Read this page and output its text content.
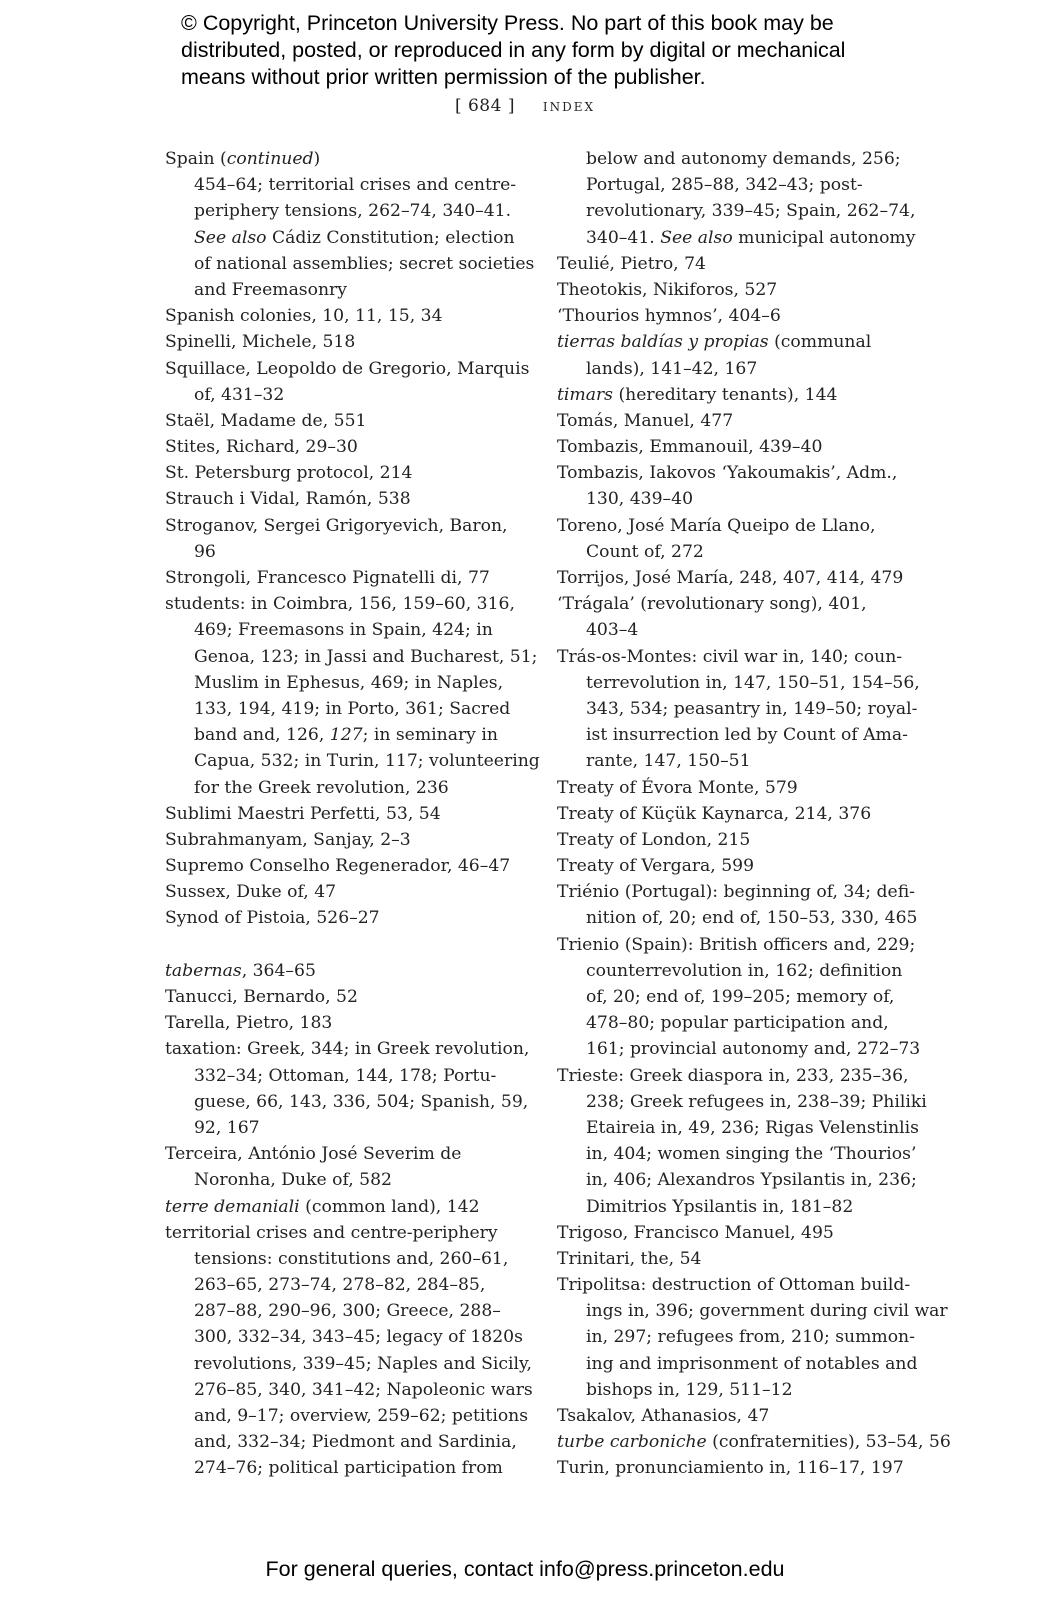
© Copyright, Princeton University Press. No part of this book may be
distributed, posted, or reproduced in any form by digital or mechanical
means without prior written permission of the publisher.
[ 684 ] index
Spain (continued)
454–64; territorial crises and centre-
periphery tensions, 262–74, 340–41.
See also Cádiz Constitution; election
of national assemblies; secret societies
and Freemasonry
Spanish colonies, 10, 11, 15, 34
Spinelli, Michele, 518
Squillace, Leopoldo de Gregorio, Marquis
of, 431–32
Staël, Madame de, 551
Stites, Richard, 29–30
St. Petersburg protocol, 214
Strauch i Vidal, Ramón, 538
Stroganov, Sergei Grigoryevich, Baron,
96
Strongoli, Francesco Pignatelli di, 77
students: in Coimbra, 156, 159–60, 316,
469; Freemasons in Spain, 424; in
Genoa, 123; in Jassi and Bucharest, 51;
Muslim in Ephesus, 469; in Naples,
133, 194, 419; in Porto, 361; Sacred
band and, 126, 127; in seminary in
Capua, 532; in Turin, 117; volunteering
for the Greek revolution, 236
Sublimi Maestri Perfetti, 53, 54
Subrahmanyam, Sanjay, 2–3
Supremo Conselho Regenerador, 46–47
Sussex, Duke of, 47
Synod of Pistoia, 526–27
tabernas, 364–65
Tanucci, Bernardo, 52
Tarella, Pietro, 183
taxation: Greek, 344; in Greek revolution,
332–34; Ottoman, 144, 178; Portu-
guese, 66, 143, 336, 504; Spanish, 59,
92, 167
Terceira, António José Severim de
Noronha, Duke of, 582
terre demaniali (common land), 142
territorial crises and centre-periphery
tensions: constitutions and, 260–61,
263–65, 273–74, 278–82, 284–85,
287–88, 290–96, 300; Greece, 288–
300, 332–34, 343–45; legacy of 1820s
revolutions, 339–45; Naples and Sicily,
276–85, 340, 341–42; Napoleonic wars
and, 9–17; overview, 259–62; petitions
and, 332–34; Piedmont and Sardinia,
274–76; political participation from
below and autonomy demands, 256;
Portugal, 285–88, 342–43; post-
revolutionary, 339–45; Spain, 262–74,
340–41. See also municipal autonomy
Teulié, Pietro, 74
Theotokis, Nikiforos, 527
‘Thourios hymnos’, 404–6
tierras baldías y propias (communal
lands), 141–42, 167
timars (hereditary tenants), 144
Tomás, Manuel, 477
Tombazis, Emmanouil, 439–40
Tombazis, Iakovos ‘Yakoumakis’, Adm.,
130, 439–40
Toreno, José María Queipo de Llano,
Count of, 272
Torrijos, José María, 248, 407, 414, 479
‘Trágala’ (revolutionary song), 401,
403–4
Trás-os-Montes: civil war in, 140; coun-
terrevolution in, 147, 150–51, 154–56,
343, 534; peasantry in, 149–50; royal-
ist insurrection led by Count of Ama-
rante, 147, 150–51
Treaty of Évora Monte, 579
Treaty of Küçük Kaynarca, 214, 376
Treaty of London, 215
Treaty of Vergara, 599
Triénio (Portugal): beginning of, 34; defi-
nition of, 20; end of, 150–53, 330, 465
Trienio (Spain): British officers and, 229;
counterrevolution in, 162; definition
of, 20; end of, 199–205; memory of,
478–80; popular participation and,
161; provincial autonomy and, 272–73
Trieste: Greek diaspora in, 233, 235–36,
238; Greek refugees in, 238–39; Philiki
Etaireia in, 49, 236; Rigas Velenstinlis
in, 404; women singing the ‘Thourios’
in, 406; Alexandros Ypsilantis in, 236;
Dimitrios Ypsilantis in, 181–82
Trigoso, Francisco Manuel, 495
Trinitari, the, 54
Tripolitsa: destruction of Ottoman build-
ings in, 396; government during civil war
in, 297; refugees from, 210; summon-
ing and imprisonment of notables and
bishops in, 129, 511–12
Tsakalov, Athanasios, 47
turbe carboniche (confraternities), 53–54, 56
Turin, pronunciamiento in, 116–17, 197
For general queries, contact info@press.princeton.edu
